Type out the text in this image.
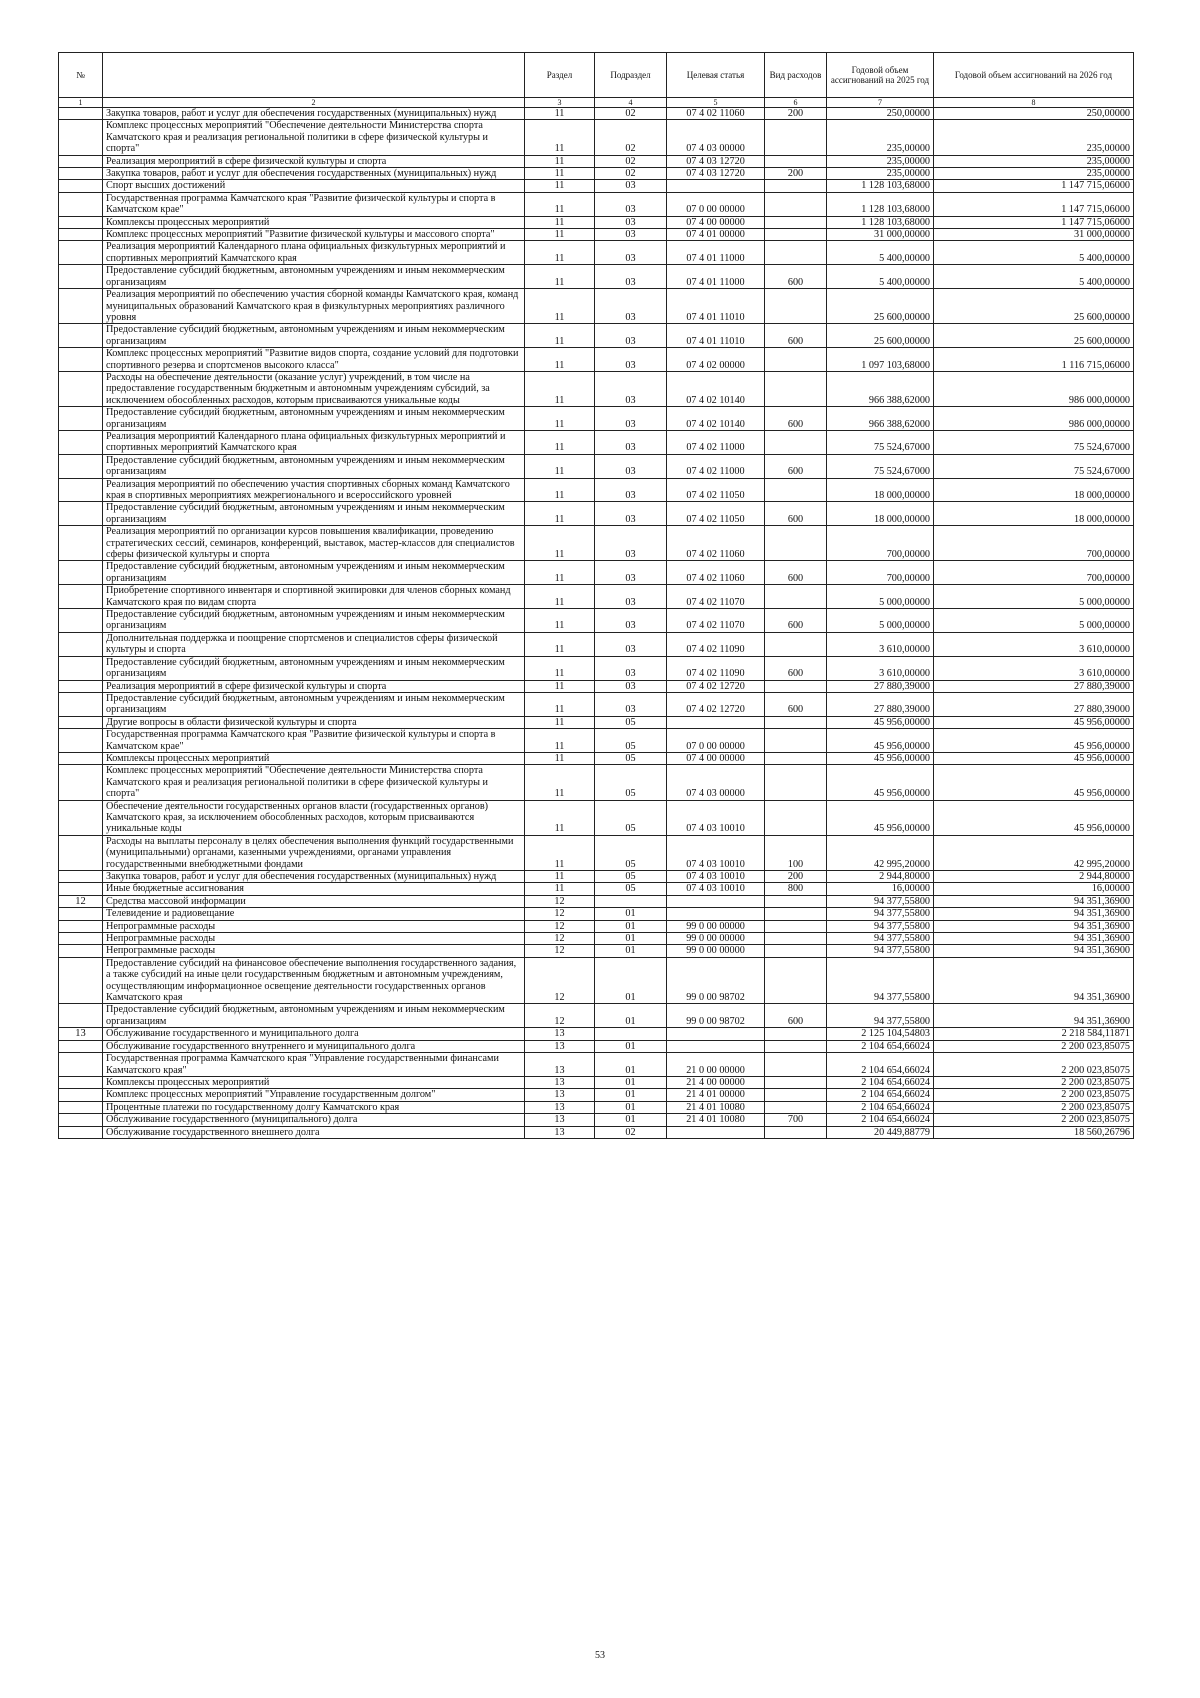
№		Раздел	Подраздел	Целевая статья	Вид расходов	Годовой объем ассигнований на 2025 год	Годовой объем ассигнований на 2026 год
1	2	3	4	5	6	7	8
	Закупка товаров, работ и услуг для обеспечения государственных (муниципальных) нужд	11	02	07 4 02 11060	200	250,00000	250,00000
	Комплекс процессных мероприятий "Обеспечение деятельности Министерства спорта Камчатского края и реализация региональной политики в сфере физической культуры и спорта"	11	02	07 4 03 00000		235,00000	235,00000
	Реализация мероприятий в сфере физической культуры и спорта	11	02	07 4 03 12720		235,00000	235,00000
	Закупка товаров, работ и услуг для обеспечения государственных (муниципальных) нужд	11	02	07 4 03 12720	200	235,00000	235,00000
	Спорт высших достижений	11	03			1 128 103,68000	1 147 715,06000
	Государственная программа Камчатского края "Развитие физической культуры и спорта в Камчатском крае"	11	03	07 0 00 00000		1 128 103,68000	1 147 715,06000
	Комплексы процессных мероприятий	11	03	07 4 00 00000		1 128 103,68000	1 147 715,06000
	Комплекс процессных мероприятий "Развитие физической культуры и массового спорта"	11	03	07 4 01 00000		31 000,00000	31 000,00000
	Реализация мероприятий Календарного плана официальных физкультурных мероприятий и спортивных мероприятий Камчатского края	11	03	07 4 01 11000		5 400,00000	5 400,00000
	Предоставление субсидий бюджетным, автономным учреждениям и иным некоммерческим организациям	11	03	07 4 01 11000	600	5 400,00000	5 400,00000
	Реализация мероприятий по обеспечению участия сборной команды Камчатского края, команд муниципальных образований Камчатского края в физкультурных мероприятиях различного уровня	11	03	07 4 01 11010		25 600,00000	25 600,00000
	Предоставление субсидий бюджетным, автономным учреждениям и иным некоммерческим организациям	11	03	07 4 01 11010	600	25 600,00000	25 600,00000
	Комплекс процессных мероприятий "Развитие видов спорта, создание условий для подготовки спортивного резерва и спортсменов высокого класса"	11	03	07 4 02 00000		1 097 103,68000	1 116 715,06000
	Расходы на обеспечение деятельности (оказание услуг) учреждений, в том числе на предоставление государственным бюджетным и автономным учреждениям субсидий, за исключением обособленных расходов, которым присваиваются уникальные коды	11	03	07 4 02 10140		966 388,62000	986 000,00000
	Предоставление субсидий бюджетным, автономным учреждениям и иным некоммерческим организациям	11	03	07 4 02 10140	600	966 388,62000	986 000,00000
	Реализация мероприятий Календарного плана официальных физкультурных мероприятий и спортивных мероприятий Камчатского края	11	03	07 4 02 11000		75 524,67000	75 524,67000
	Предоставление субсидий бюджетным, автономным учреждениям и иным некоммерческим организациям	11	03	07 4 02 11000	600	75 524,67000	75 524,67000
	Реализация мероприятий по обеспечению участия спортивных сборных команд Камчатского края в спортивных мероприятиях межрегионального и всероссийского уровней	11	03	07 4 02 11050		18 000,00000	18 000,00000
	Предоставление субсидий бюджетным, автономным учреждениям и иным некоммерческим организациям	11	03	07 4 02 11050	600	18 000,00000	18 000,00000
	Реализация мероприятий по организации курсов повышения квалификации, проведению стратегических сессий, семинаров, конференций, выставок, мастер-классов для специалистов сферы физической культуры и спорта	11	03	07 4 02 11060		700,00000	700,00000
	Предоставление субсидий бюджетным, автономным учреждениям и иным некоммерческим организациям	11	03	07 4 02 11060	600	700,00000	700,00000
	Приобретение спортивного инвентаря и спортивной экипировки для членов сборных команд Камчатского края по видам спорта	11	03	07 4 02 11070		5 000,00000	5 000,00000
	Предоставление субсидий бюджетным, автономным учреждениям и иным некоммерческим организациям	11	03	07 4 02 11070	600	5 000,00000	5 000,00000
	Дополнительная поддержка и поощрение спортсменов и специалистов сферы физической культуры и спорта	11	03	07 4 02 11090		3 610,00000	3 610,00000
	Предоставление субсидий бюджетным, автономным учреждениям и иным некоммерческим организациям	11	03	07 4 02 11090	600	3 610,00000	3 610,00000
	Реализация мероприятий в сфере физической культуры и спорта	11	03	07 4 02 12720		27 880,39000	27 880,39000
	Предоставление субсидий бюджетным, автономным учреждениям и иным некоммерческим организациям	11	03	07 4 02 12720	600	27 880,39000	27 880,39000
	Другие вопросы в области физической культуры и спорта	11	05			45 956,00000	45 956,00000
	Государственная программа Камчатского края "Развитие физической культуры и спорта в Камчатском крае"	11	05	07 0 00 00000		45 956,00000	45 956,00000
	Комплексы процессных мероприятий	11	05	07 4 00 00000		45 956,00000	45 956,00000
	Комплекс процессных мероприятий "Обеспечение деятельности Министерства спорта Камчатского края и реализация региональной политики в сфере физической культуры и спорта"	11	05	07 4 03 00000		45 956,00000	45 956,00000
	Обеспечение деятельности государственных органов власти (государственных органов) Камчатского края, за исключением обособленных расходов, которым присваиваются уникальные коды	11	05	07 4 03 10010		45 956,00000	45 956,00000
	Расходы на выплаты персоналу в целях обеспечения выполнения функций государственными (муниципальными) органами, казенными учреждениями, органами управления государственными внебюджетными фондами	11	05	07 4 03 10010	100	42 995,20000	42 995,20000
	Закупка товаров, работ и услуг для обеспечения государственных (муниципальных) нужд	11	05	07 4 03 10010	200	2 944,80000	2 944,80000
	Иные бюджетные ассигнования	11	05	07 4 03 10010	800	16,00000	16,00000
12	Средства массовой информации	12				94 377,55800	94 351,36900
	Телевидение и радиовещание	12	01			94 377,55800	94 351,36900
	Непрограммные расходы	12	01	99 0 00 00000		94 377,55800	94 351,36900
	Непрограммные расходы	12	01	99 0 00 00000		94 377,55800	94 351,36900
	Непрограммные расходы	12	01	99 0 00 00000		94 377,55800	94 351,36900
	Предоставление субсидий на финансовое обеспечение выполнения государственного задания, а также субсидий на иные цели государственным бюджетным и автономным учреждениям, осуществляющим информационное освещение деятельности государственных органов Камчатского края	12	01	99 0 00 98702		94 377,55800	94 351,36900
	Предоставление субсидий бюджетным, автономным учреждениям и иным некоммерческим организациям	12	01	99 0 00 98702	600	94 377,55800	94 351,36900
13	Обслуживание государственного и муниципального долга	13				2 125 104,54803	2 218 584,11871
	Обслуживание государственного внутреннего и муниципального долга	13	01			2 104 654,66024	2 200 023,85075
	Государственная программа Камчатского края "Управление государственными финансами Камчатского края"	13	01	21 0 00 00000		2 104 654,66024	2 200 023,85075
	Комплексы процессных мероприятий	13	01	21 4 00 00000		2 104 654,66024	2 200 023,85075
	Комплекс процессных мероприятий "Управление государственным долгом"	13	01	21 4 01 00000		2 104 654,66024	2 200 023,85075
	Процентные платежи по государственному долгу Камчатского края	13	01	21 4 01 10080		2 104 654,66024	2 200 023,85075
	Обслуживание государственного (муниципального) долга	13	01	21 4 01 10080	700	2 104 654,66024	2 200 023,85075
	Обслуживание государственного внешнего долга	13	02			20 449,88779	18 560,26796
53
